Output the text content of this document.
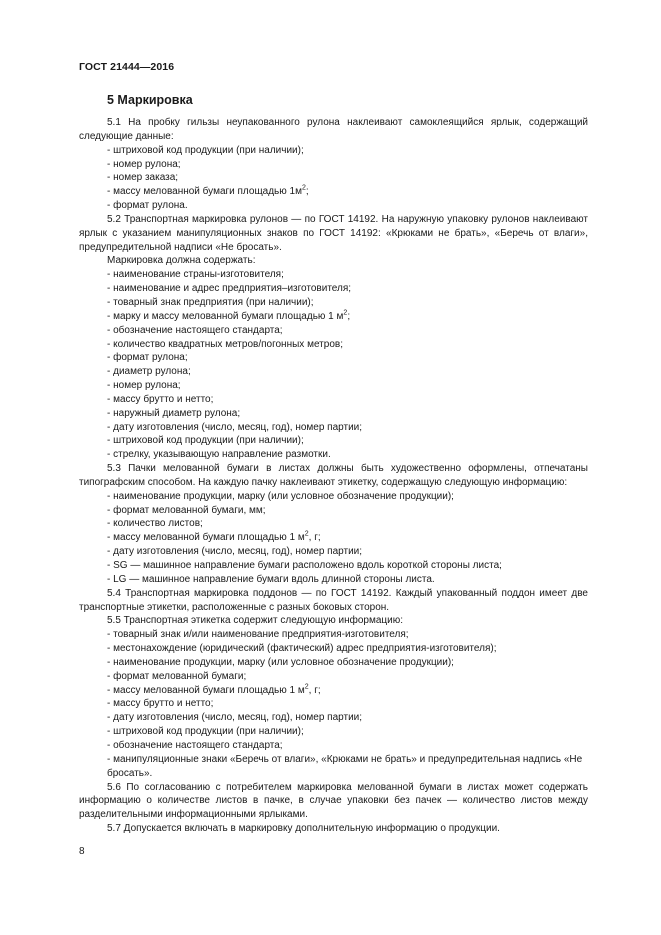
ГОСТ 21444—2016
5 Маркировка
5.1 На пробку гильзы неупакованного рулона наклеивают самоклеящийся ярлык, содержащий следующие данные:
- штриховой код продукции (при наличии);
- номер рулона;
- номер заказа;
- массу мелованной бумаги площадью $1м^2$;
- формат рулона.
5.2 Транспортная маркировка рулонов — по ГОСТ 14192. На наружную упаковку рулонов наклеивают ярлык с указанием манипуляционных знаков по ГОСТ 14192: «Крюками не брать», «Беречь от влаги», предупредительной надписи «Не бросать».
Маркировка должна содержать:
- наименование страны-изготовителя;
- наименование и адрес предприятия–изготовителя;
- товарный знак предприятия (при наличии);
- марку и массу мелованной бумаги площадью 1 $м^2$;
- обозначение настоящего стандарта;
- количество квадратных метров/погонных метров;
- формат рулона;
- диаметр рулона;
- номер рулона;
- массу брутто и нетто;
- наружный диаметр рулона;
- дату изготовления (число, месяц, год), номер партии;
- штриховой код продукции (при наличии);
- стрелку, указывающую направление размотки.
5.3 Пачки мелованной бумаги в листах должны быть художественно оформлены, отпечатаны типографским способом. На каждую пачку наклеивают этикетку, содержащую следующую информацию:
- наименование продукции, марку (или условное обозначение продукции);
- формат мелованной бумаги, мм;
- количество листов;
- массу мелованной бумаги площадью 1 $м^2$, г;
- дату изготовления (число, месяц, год), номер партии;
- SG — машинное направление бумаги расположено вдоль короткой стороны листа;
- LG — машинное направление бумаги вдоль длинной стороны листа.
5.4 Транспортная маркировка поддонов — по ГОСТ 14192. Каждый упакованный поддон имеет две транспортные этикетки, расположенные с разных боковых сторон.
5.5 Транспортная этикетка содержит следующую информацию:
- товарный знак и/или наименование предприятия-изготовителя;
- местонахождение (юридический (фактический) адрес предприятия-изготовителя);
- наименование продукции, марку (или условное обозначение продукции);
- формат мелованной бумаги;
- массу мелованной бумаги площадью 1 $м^2$, г;
- массу брутто и нетто;
- дату изготовления (число, месяц, год), номер партии;
- штриховой код продукции (при наличии);
- обозначение настоящего стандарта;
- манипуляционные знаки «Беречь от влаги», «Крюками не брать» и предупредительная надпись «Не бросать».
5.6 По согласованию с потребителем маркировка мелованной бумаги в листах может содержать информацию о количестве листов в пачке, в случае упаковки без пачек — количество листов между разделительными информационными ярлыками.
5.7 Допускается включать в маркировку дополнительную информацию о продукции.
8
